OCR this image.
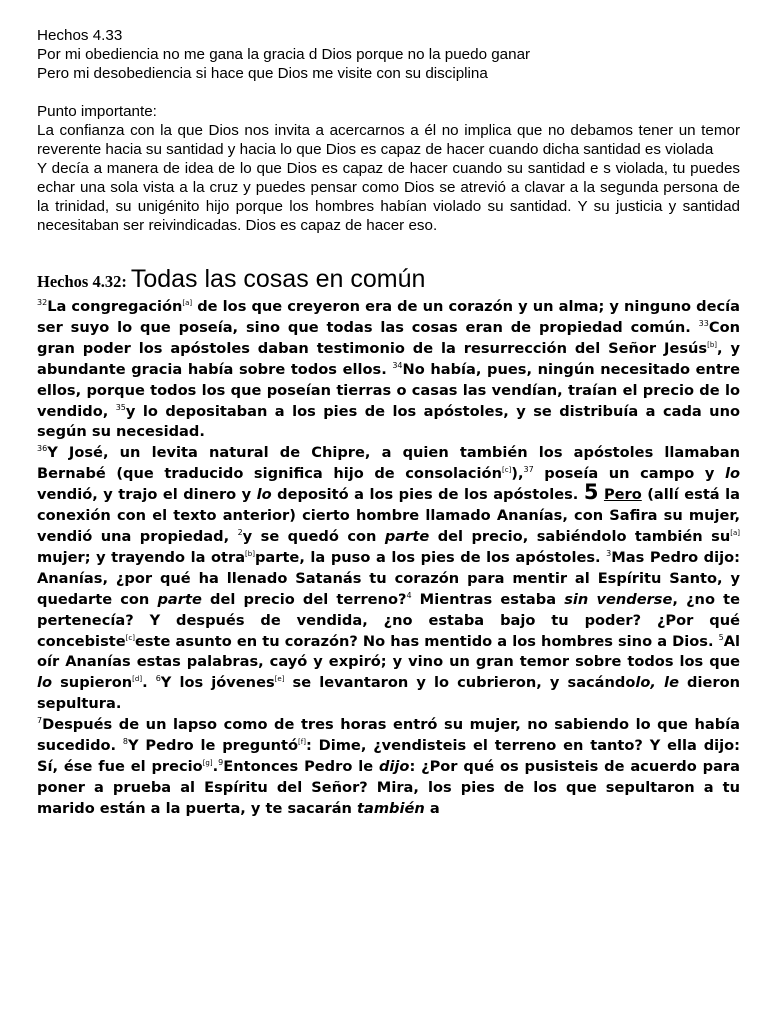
Hechos 4.33

Por mi obediencia no me gana la gracia d Dios porque no la puedo ganar

Pero mi desobediencia si hace que Dios me visite con su disciplina

Punto importante:

La confianza con la que Dios nos invita a acercarnos a él no implica que no debamos tener un temor reverente hacia su santidad y hacia lo que Dios es capaz de hacer cuando dicha santidad es violada

Y decía a manera de idea de lo que Dios es capaz de hacer cuando su santidad e s violada, tu puedes echar una sola vista a la cruz y puedes pensar como Dios se atrevió a clavar a la segunda persona de la trinidad, su unigénito hijo porque los hombres habían violado su santidad. Y su justicia y santidad necesitaban ser reivindicadas. Dios es capaz de hacer eso.

Hechos 4.32: Todas las cosas en común

$^{32}$La congregación[a] de los que creyeron era de un corazón y un alma; y ninguno decía ser suyo lo que poseía, sino que todas las cosas eran de propiedad común. $^{33}$Con gran poder los apóstoles daban testimonio de la resurrección del Señor Jesús[b], y abundante gracia había sobre todos ellos. $^{34}$No había, pues, ningún necesitado entre ellos, porque todos los que poseían tierras o casas las vendían, traían el precio de lo vendido, $^{35}$y lo depositaban a los pies de los apóstoles, y se distribuía a cada uno según su necesidad.

$^{36}$Y José, un levita natural de Chipre, a quien también los apóstoles llamaban Bernabé (que traducido significa hijo de consolación[c]),$^{37}$ poseía un campo y lo vendió, y trajo el dinero y lo depositó a los pies de los apóstoles. 5 Pero (allí está la conexión con el texto anterior) cierto hombre llamado Ananías, con Safira su mujer, vendió una propiedad, $^2$y se quedó con parte del precio, sabiéndolo también su[a] mujer; y trayendo la otra[b]parte, la puso a los pies de los apóstoles. $^3$Mas Pedro dijo: Ananías, ¿por qué ha llenado Satanás tu corazón para mentir al Espíritu Santo, y quedarte con parte del precio del terreno?$^4$ Mientras estaba sin venderse, ¿no te pertenecía? Y después de vendida, ¿no estaba bajo tu poder? ¿Por qué concebiste[c]este asunto en tu corazón? No has mentido a los hombres sino a Dios. $^5$Al oír Ananías estas palabras, cayó y expiró; y vino un gran temor sobre todos los que lo supieron[d]. $^6$Y los jóvenes[e] se levantaron y lo cubrieron, y sacándolo, le dieron sepultura.

$^7$Después de un lapso como de tres horas entró su mujer, no sabiendo lo que había sucedido. $^8$Y Pedro le preguntó[f]: Dime, ¿vendisteis el terreno en tanto? Y ella dijo: Sí, ése fue el precio[g].$^9$Entonces Pedro le dijo: ¿Por qué os pusisteis de acuerdo para poner a prueba al Espíritu del Señor? Mira, los pies de los que sepultaron a tu marido están a la puerta, y te sacarán también a
